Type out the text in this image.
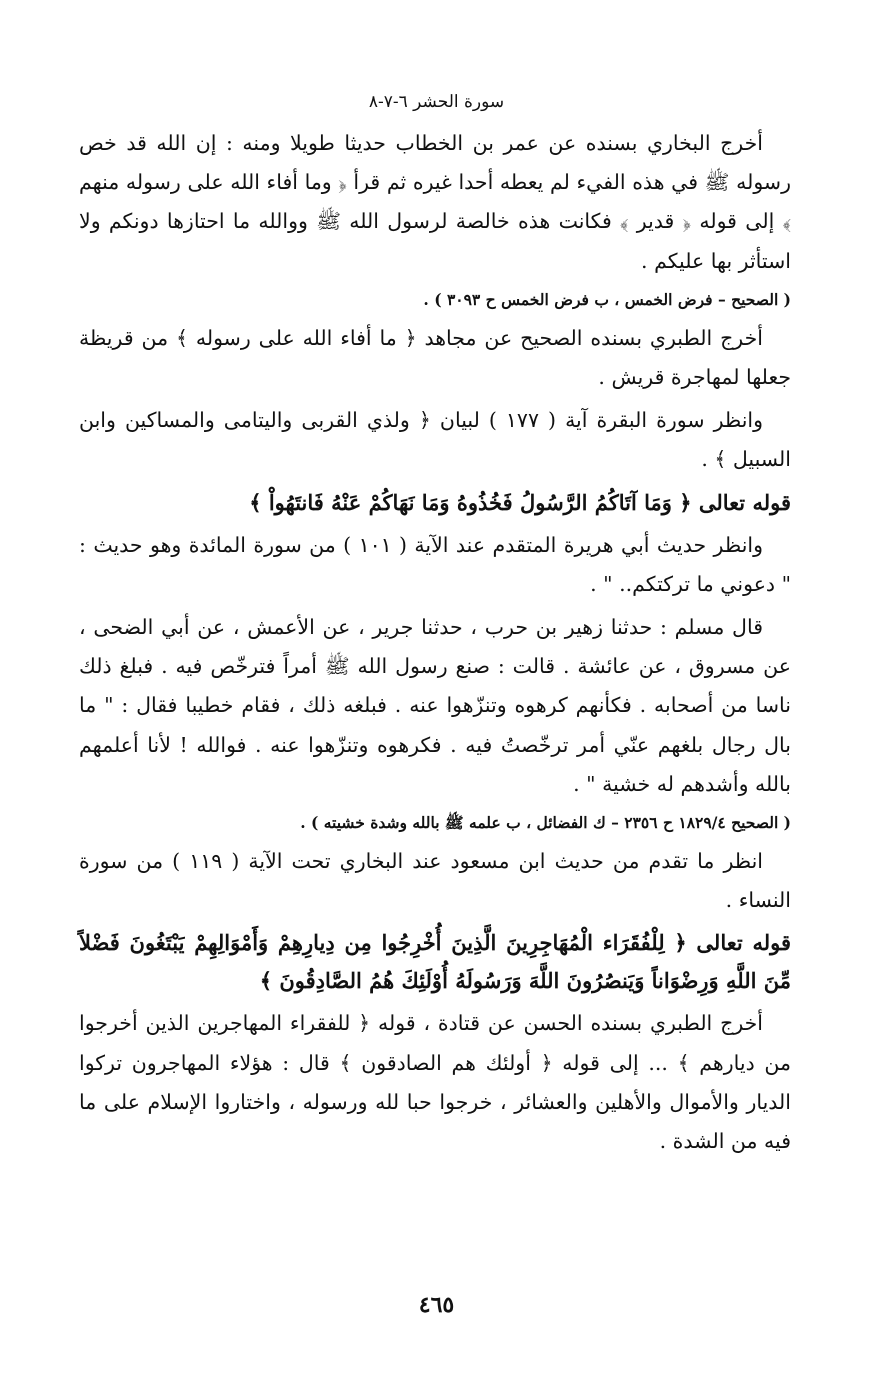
سورة الحشر ٦-٧-٨

أخرج البخاري بسنده عن عمر بن الخطاب حديثا طويلا ومنه : إن الله قد خص رسوله ﷺ في هذه الفيء لم يعطه أحدا غيره ثم قرأ ﴿ وما أفاء الله على رسوله منهم ﴾ إلى قوله ﴿ قدير ﴾ فكانت هذه خالصة لرسول الله ﷺ ووالله ما احتازها دونكم ولا استأثر بها عليكم .

( الصحيح – فرض الخمس ، ب فرض الخمس ح ٣٠٩٣ ) .

أخرج الطبري بسنده الصحيح عن مجاهد ﴿ ما أفاء الله على رسوله ﴾ من قريظة جعلها لمهاجرة قريش .

وانظر سورة البقرة آية ( ١٧٧ ) لبيان ﴿ ولذي القربى واليتامى والمساكين وابن السبيل ﴾ .

قوله تعالى ﴿ وَمَا آتَاكُمُ الرَّسُولُ فَخُذُوهُ وَمَا نَهَاكُمْ عَنْهُ فَانتَهُواْ ﴾

وانظر حديث أبي هريرة المتقدم عند الآية ( ١٠١ ) من سورة المائدة وهو حديث : " دعوني ما تركتكم.. " .

قال مسلم : حدثنا زهير بن حرب ، حدثنا جرير ، عن الأعمش ، عن أبي الضحى ، عن مسروق ، عن عائشة . قالت : صنع رسول الله ﷺ أمراً فترخّص فيه . فبلغ ذلك ناسا من أصحابه . فكأنهم كرهوه وتنزّهوا عنه . فبلغه ذلك ، فقام خطيبا فقال : " ما بال رجال بلغهم عنّي أمر ترخّصتُ فيه . فكرهوه وتنزّهوا عنه . فوالله ! لأنا أعلمهم بالله وأشدهم له خشية " .

( الصحيح ١٨٢٩/٤ ح ٢٣٥٦ – ك الفضائل ، ب علمه ﷺ بالله وشدة خشيته ) .

انظر ما تقدم من حديث ابن مسعود عند البخاري تحت الآية ( ١١٩ ) من سورة النساء .

قوله تعالى ﴿ لِلْفُقَرَاء الْمُهَاجِرِينَ الَّذِينَ أُخْرِجُوا مِن دِيارِهِمْ وَأَمْوَالِهِمْ يَبْتَغُونَ فَضْلاً مِّنَ اللَّهِ وَرِضْوَاناً وَيَنصُرُونَ اللَّهَ وَرَسُولَهُ أُوْلَئِكَ هُمُ الصَّادِقُونَ ﴾

أخرج الطبري بسنده الحسن عن قتادة ، قوله ﴿ للفقراء المهاجرين الذين أخرجوا من ديارهم ﴾ ... إلى قوله ﴿ أولئك هم الصادقون ﴾ قال : هؤلاء المهاجرون تركوا الديار والأموال والأهلين والعشائر ، خرجوا حبا لله ورسوله ، واختاروا الإسلام على ما فيه من الشدة .

٤٦٥
